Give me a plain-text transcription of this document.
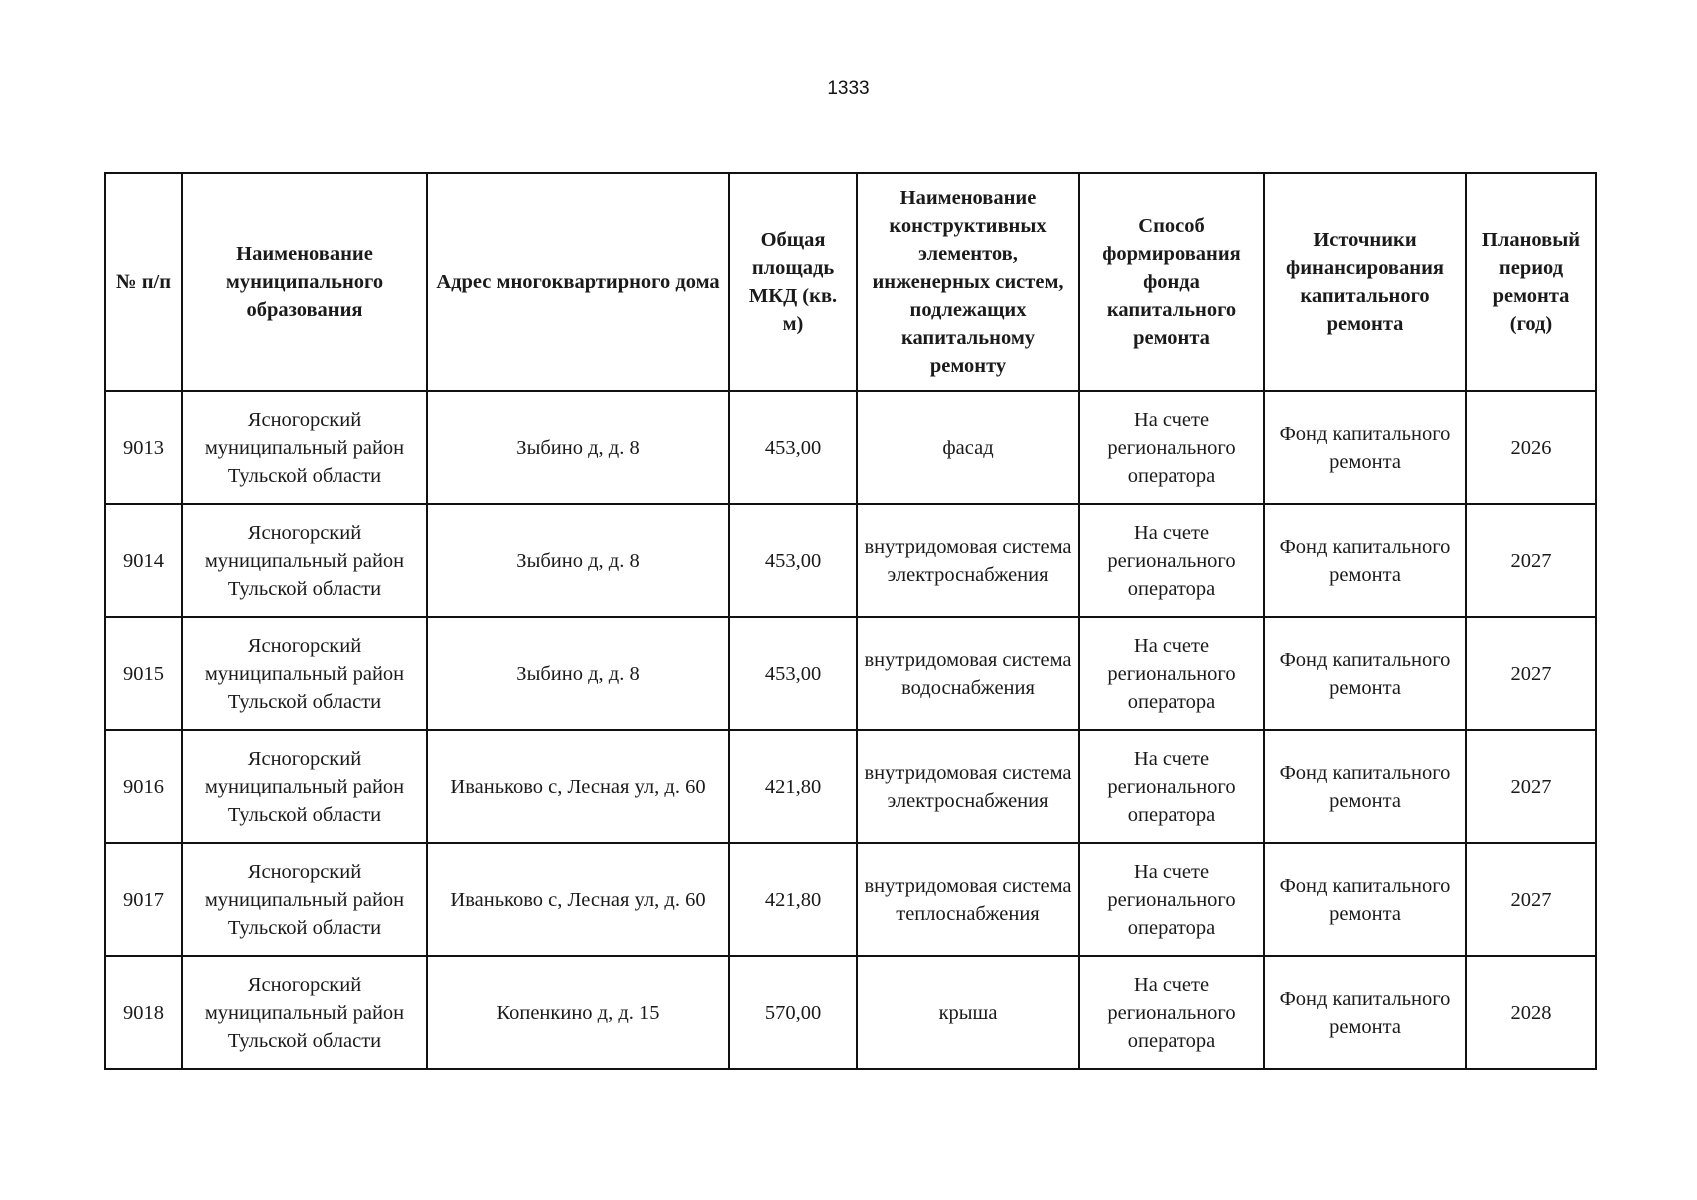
1333
№ п/п	Наименование муниципального образования	Адрес многоквартирного дома	Общая площадь МКД (кв. м)	Наименование конструктивных элементов, инженерных систем, подлежащих капитальному ремонту	Способ формирования фонда капитального ремонта	Источники финансирования капитального ремонта	Плановый период ремонта (год)
9013	Ясногорский муниципальный район Тульской области	Зыбино д, д. 8	453,00	фасад	На счете регионального оператора	Фонд капитального ремонта	2026
9014	Ясногорский муниципальный район Тульской области	Зыбино д, д. 8	453,00	внутридомовая система электроснабжения	На счете регионального оператора	Фонд капитального ремонта	2027
9015	Ясногорский муниципальный район Тульской области	Зыбино д, д. 8	453,00	внутридомовая система водоснабжения	На счете регионального оператора	Фонд капитального ремонта	2027
9016	Ясногорский муниципальный район Тульской области	Иваньково с, Лесная ул, д. 60	421,80	внутридомовая система электроснабжения	На счете регионального оператора	Фонд капитального ремонта	2027
9017	Ясногорский муниципальный район Тульской области	Иваньково с, Лесная ул, д. 60	421,80	внутридомовая система теплоснабжения	На счете регионального оператора	Фонд капитального ремонта	2027
9018	Ясногорский муниципальный район Тульской области	Копенкино д, д. 15	570,00	крыша	На счете регионального оператора	Фонд капитального ремонта	2028
